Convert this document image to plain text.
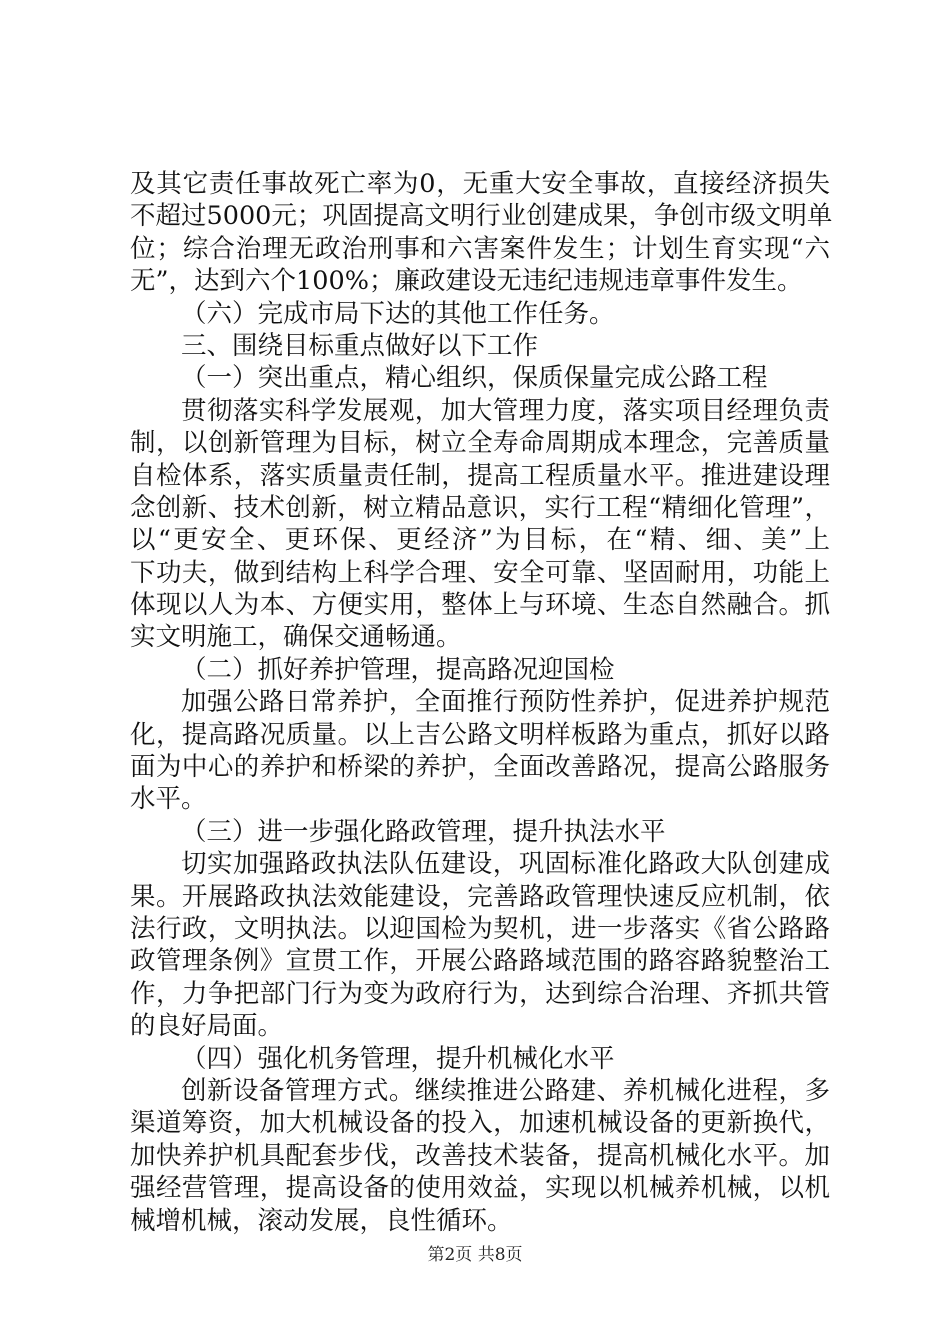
及其它责任事故死亡率为0，无重大安全事故，直接经济损失
不超过5000元；巩固提高文明行业创建成果，争创市级文明单
位；综合治理无政治刑事和六害案件发生；计划生育实现“六
无”，达到六个100%；廉政建设无违纪违规违章事件发生。
（六）完成市局下达的其他工作任务。
三、围绕目标重点做好以下工作
（一）突出重点，精心组织，保质保量完成公路工程
贯彻落实科学发展观，加大管理力度，落实项目经理负责
制，以创新管理为目标，树立全寿命周期成本理念，完善质量
自检体系，落实质量责任制，提高工程质量水平。推进建设理
念创新、技术创新，树立精品意识，实行工程“精细化管理”，
以“更安全、更环保、更经济”为目标，在“精、细、美”上
下功夫，做到结构上科学合理、安全可靠、坚固耐用，功能上
体现以人为本、方便实用，整体上与环境、生态自然融合。抓
实文明施工，确保交通畅通。
（二）抓好养护管理，提高路况迎国检
加强公路日常养护，全面推行预防性养护，促进养护规范
化，提高路况质量。以上吉公路文明样板路为重点，抓好以路
面为中心的养护和桥梁的养护，全面改善路况，提高公路服务
水平。
（三）进一步强化路政管理，提升执法水平
切实加强路政执法队伍建设，巩固标准化路政大队创建成
果。开展路政执法效能建设，完善路政管理快速反应机制，依
法行政，文明执法。以迎国检为契机，进一步落实《省公路路
政管理条例》宣贯工作，开展公路路域范围的路容路貌整治工
作，力争把部门行为变为政府行为，达到综合治理、齐抓共管
的良好局面。
（四）强化机务管理，提升机械化水平
创新设备管理方式。继续推进公路建、养机械化进程，多
渠道筹资，加大机械设备的投入，加速机械设备的更新换代，
加快养护机具配套步伐，改善技术装备，提高机械化水平。加
强经营管理，提高设备的使用效益，实现以机械养机械，以机
械增机械，滚动发展，良性循环。
第2页 共8页
